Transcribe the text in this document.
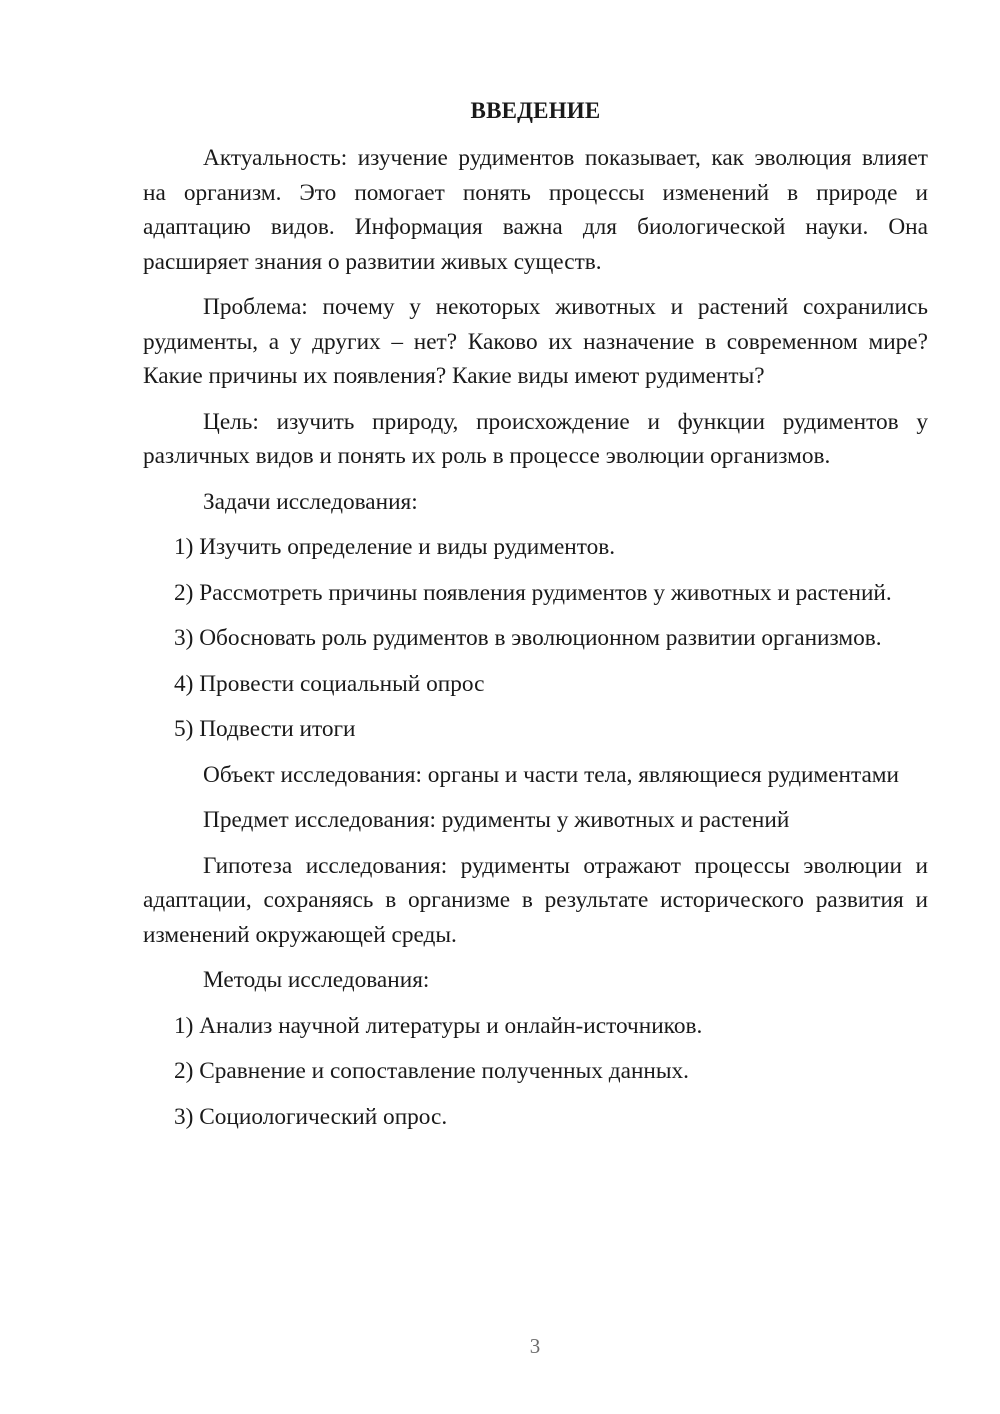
ВВЕДЕНИЕ

Актуальность: изучение рудиментов показывает, как эволюция влияет на организм. Это помогает понять процессы изменений в природе и адаптацию видов. Информация важна для биологической науки. Она расширяет знания о развитии живых существ.

Проблема: почему у некоторых животных и растений сохранились рудименты, а у других – нет? Каково их назначение в современном мире? Какие причины их появления? Какие виды имеют рудименты?

Цель: изучить природу, происхождение и функции рудиментов у различных видов и понять их роль в процессе эволюции организмов.

Задачи исследования:

1) Изучить определение и виды рудиментов.

2) Рассмотреть причины появления рудиментов у животных и растений.

3) Обосновать роль рудиментов в эволюционном развитии организмов.

4) Провести социальный опрос

5) Подвести итоги

Объект исследования: органы и части тела, являющиеся рудиментами

Предмет исследования: рудименты у животных и растений

Гипотеза исследования: рудименты отражают процессы эволюции и адаптации, сохраняясь в организме в результате исторического развития и изменений окружающей среды.

Методы исследования:

1) Анализ научной литературы и онлайн-источников.

2) Сравнение и сопоставление полученных данных.

3) Социологический опрос.

3
